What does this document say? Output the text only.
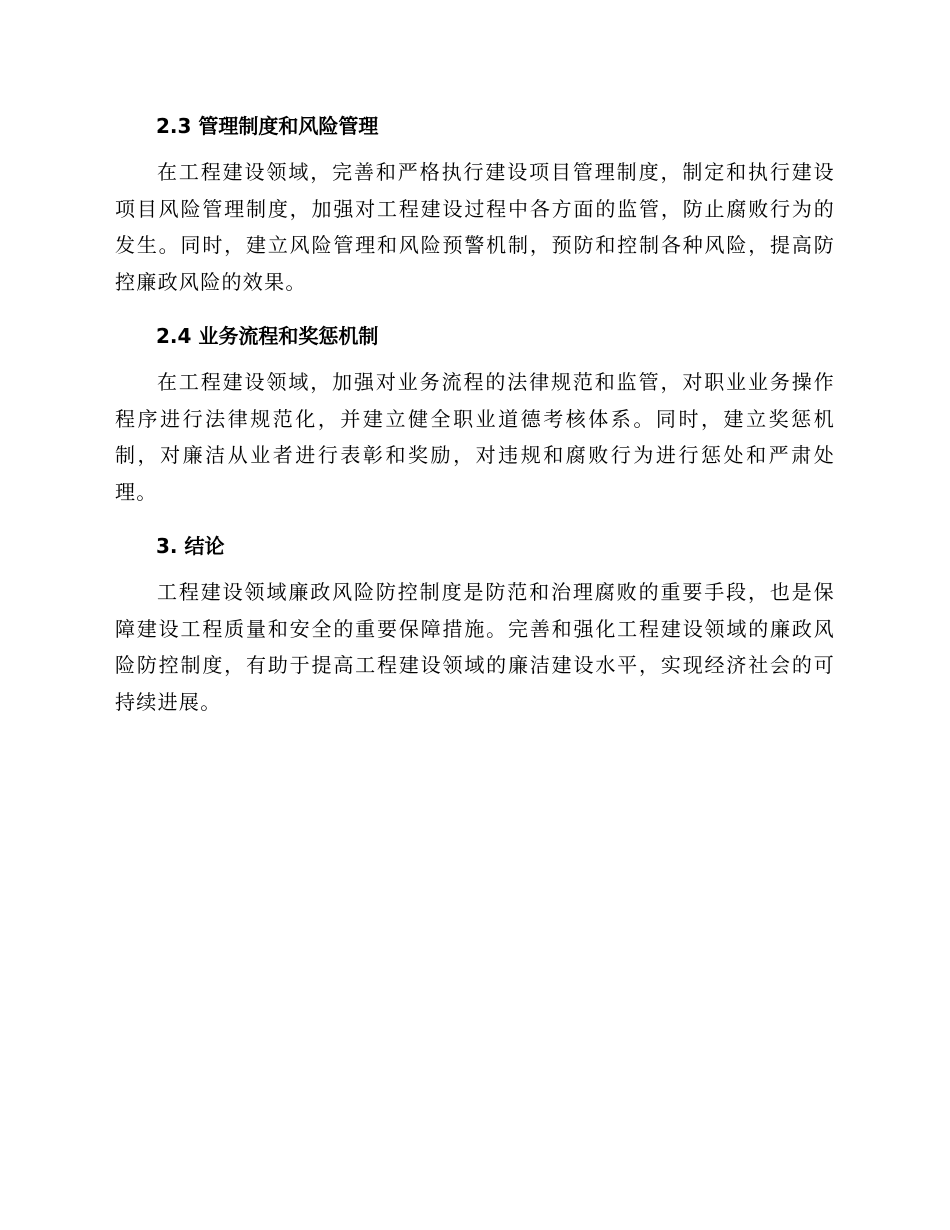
2.3 管理制度和风险管理

在工程建设领域，完善和严格执行建设项目管理制度，制定和执行建设项目风险管理制度，加强对工程建设过程中各方面的监管，防止腐败行为的发生。同时，建立风险管理和风险预警机制，预防和控制各种风险，提高防控廉政风险的效果。

2.4 业务流程和奖惩机制

在工程建设领域，加强对业务流程的法律规范和监管，对职业业务操作程序进行法律规范化，并建立健全职业道德考核体系。同时，建立奖惩机制，对廉洁从业者进行表彰和奖励，对违规和腐败行为进行惩处和严肃处理。

3. 结论

工程建设领域廉政风险防控制度是防范和治理腐败的重要手段，也是保障建设工程质量和安全的重要保障措施。完善和强化工程建设领域的廉政风险防控制度，有助于提高工程建设领域的廉洁建设水平，实现经济社会的可持续进展。
